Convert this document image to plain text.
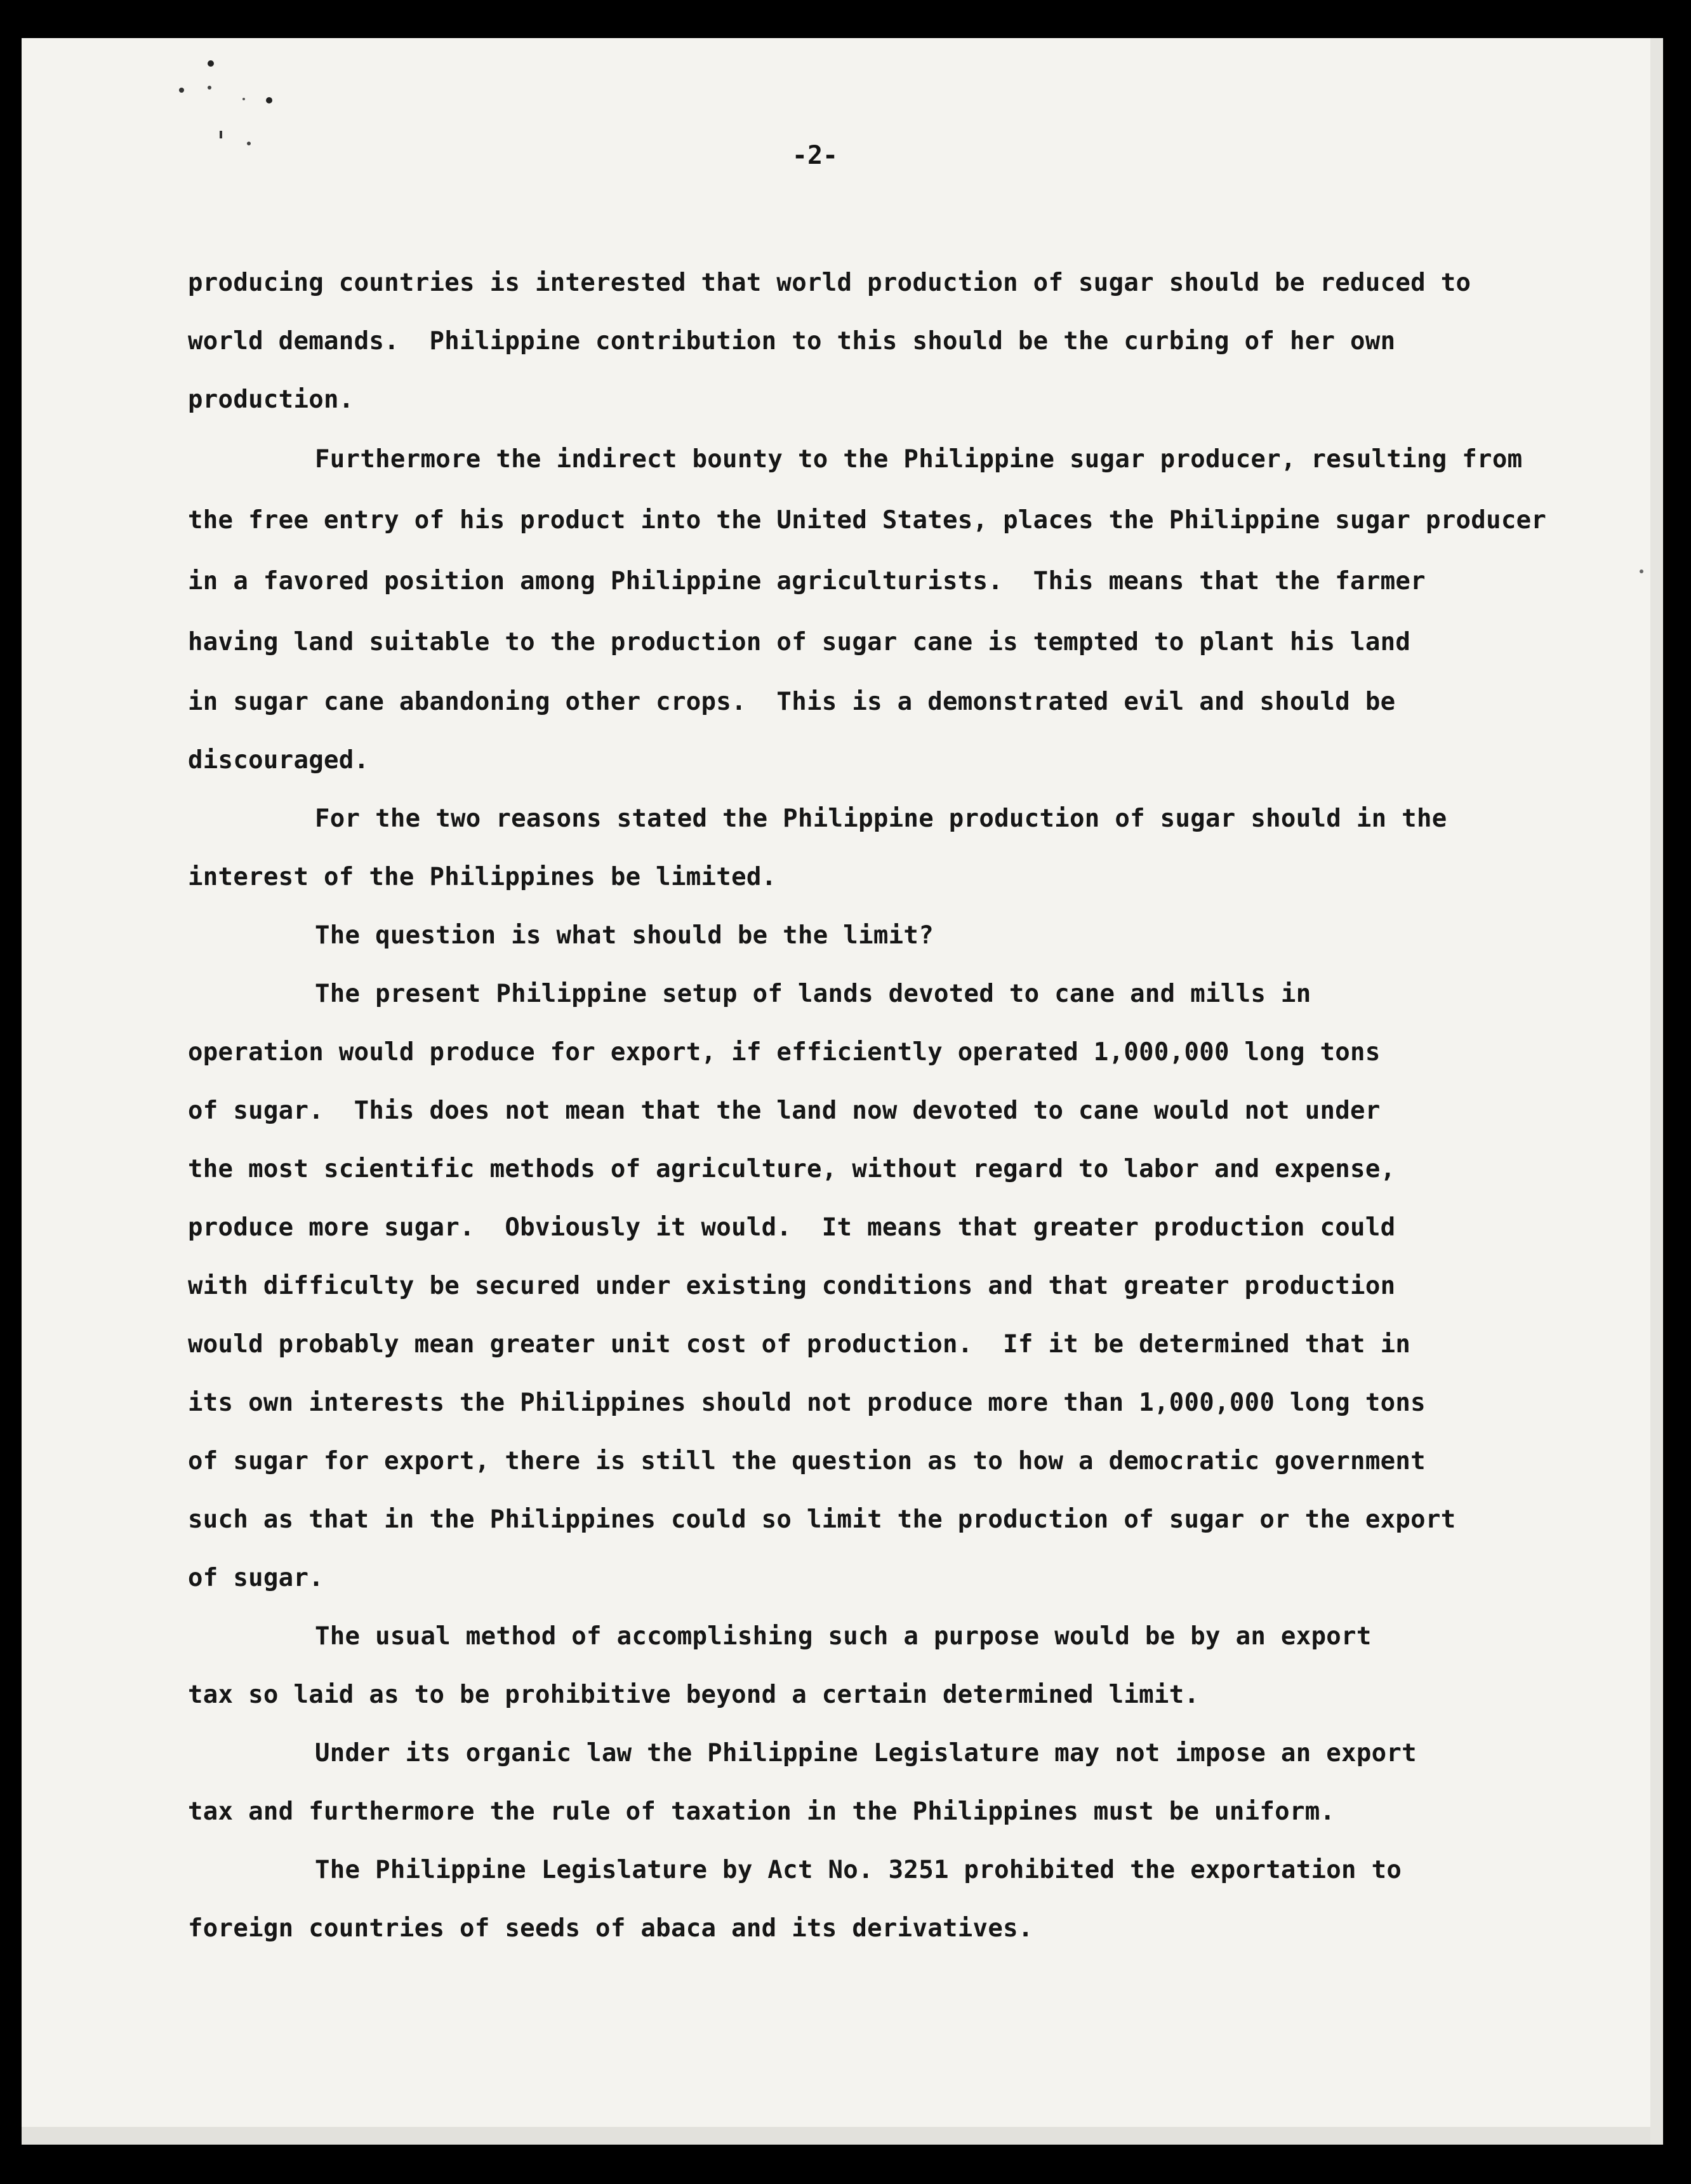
-2-

producing countries is interested that world production of sugar should be reduced to

world demands.  Philippine contribution to this should be the curbing of her own

production.

Furthermore the indirect bounty to the Philippine sugar producer, resulting from

the free entry of his product into the United States, places the Philippine sugar producer

in a favored position among Philippine agriculturists.  This means that the farmer

having land suitable to the production of sugar cane is tempted to plant his land

in sugar cane abandoning other crops.  This is a demonstrated evil and should be

discouraged.

For the two reasons stated the Philippine production of sugar should in the

interest of the Philippines be limited.

The question is what should be the limit?

The present Philippine setup of lands devoted to cane and mills in

operation would produce for export, if efficiently operated 1,000,000 long tons

of sugar.  This does not mean that the land now devoted to cane would not under

the most scientific methods of agriculture, without regard to labor and expense,

produce more sugar.  Obviously it would.  It means that greater production could

with difficulty be secured under existing conditions and that greater production

would probably mean greater unit cost of production.  If it be determined that in

its own interests the Philippines should not produce more than 1,000,000 long tons

of sugar for export, there is still the question as to how a democratic government

such as that in the Philippines could so limit the production of sugar or the export

of sugar.

The usual method of accomplishing such a purpose would be by an export

tax so laid as to be prohibitive beyond a certain determined limit.

Under its organic law the Philippine Legislature may not impose an export

tax and furthermore the rule of taxation in the Philippines must be uniform.

The Philippine Legislature by Act No. 3251 prohibited the exportation to

foreign countries of seeds of abaca and its derivatives.
